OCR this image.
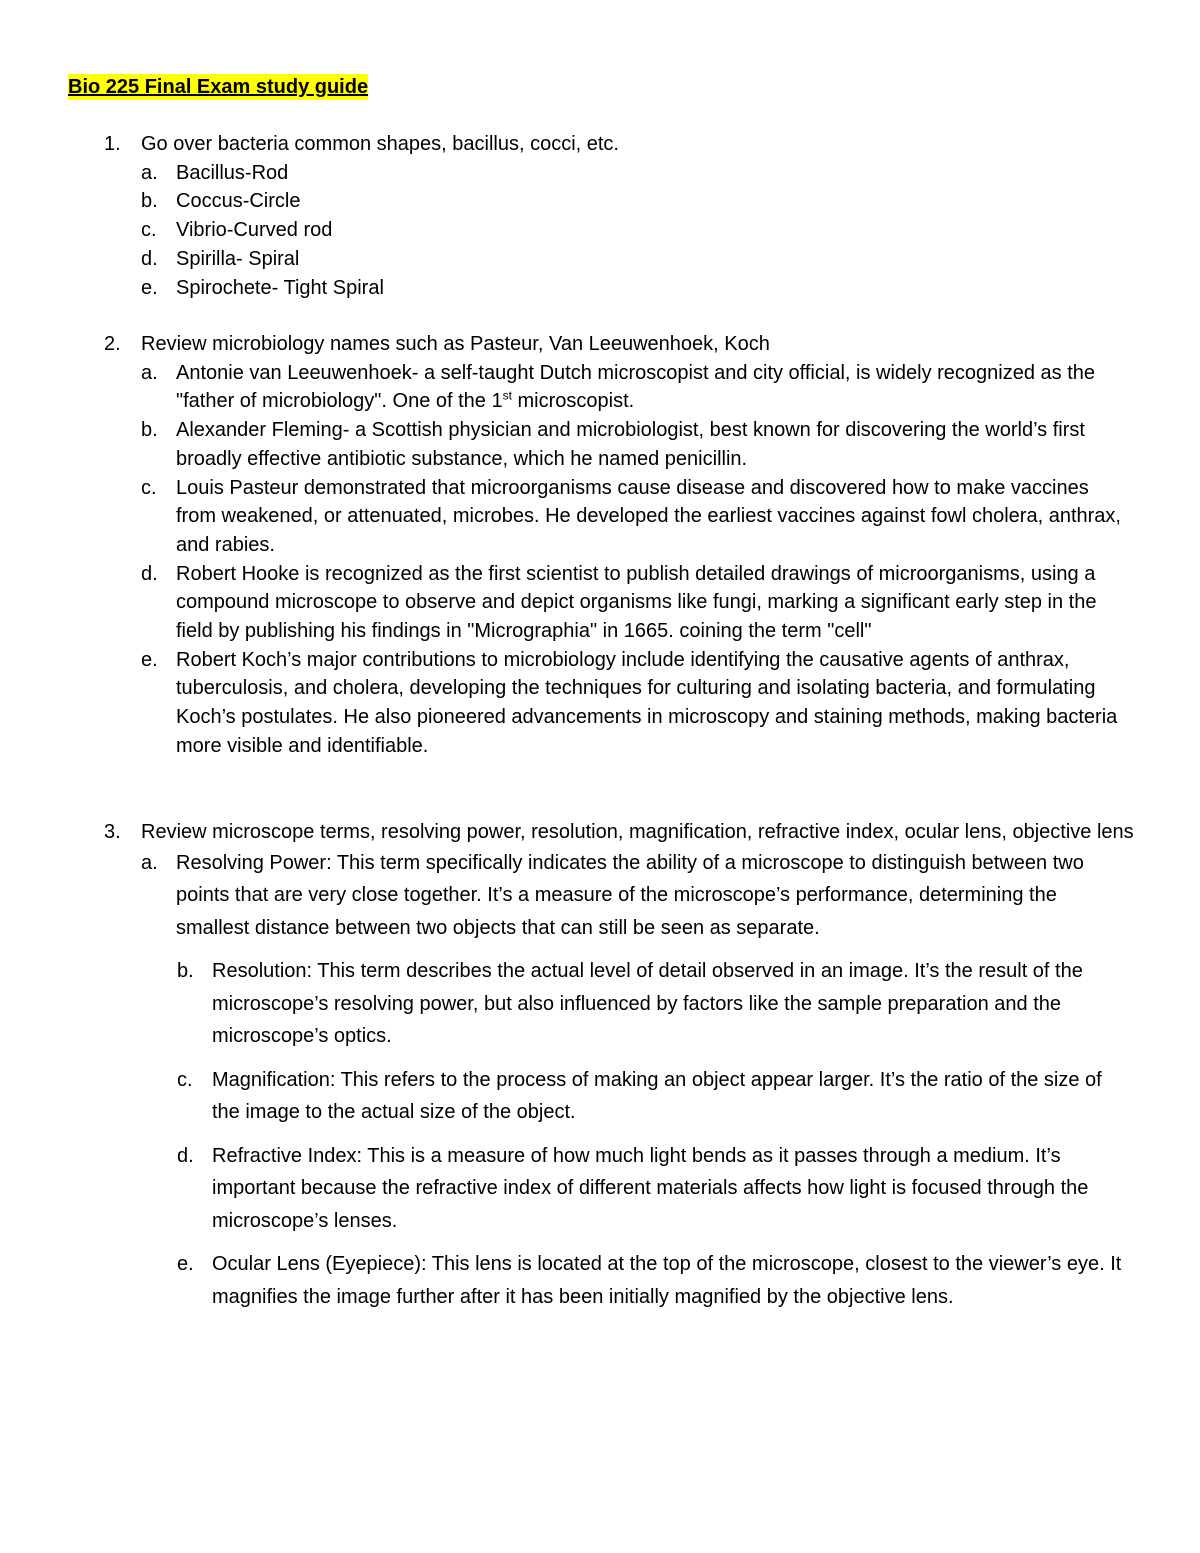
Bio 225 Final Exam study guide
1. Go over bacteria common shapes, bacillus, cocci, etc.
a. Bacillus-Rod
b. Coccus-Circle
c. Vibrio-Curved rod
d. Spirilla- Spiral
e. Spirochete- Tight Spiral
2. Review microbiology names such as Pasteur, Van Leeuwenhoek, Koch
a. Antonie van Leeuwenhoek- a self-taught Dutch microscopist and city official, is widely recognized as the "father of microbiology". One of the 1st microscopist.
b. Alexander Fleming- a Scottish physician and microbiologist, best known for discovering the world’s first broadly effective antibiotic substance, which he named penicillin.
c. Louis Pasteur demonstrated that microorganisms cause disease and discovered how to make vaccines from weakened, or attenuated, microbes. He developed the earliest vaccines against fowl cholera, anthrax, and rabies.
d. Robert Hooke is recognized as the first scientist to publish detailed drawings of microorganisms, using a compound microscope to observe and depict organisms like fungi, marking a significant early step in the field by publishing his findings in "Micrographia" in 1665. coining the term "cell"
e. Robert Koch’s major contributions to microbiology include identifying the causative agents of anthrax, tuberculosis, and cholera, developing the techniques for culturing and isolating bacteria, and formulating Koch’s postulates. He also pioneered advancements in microscopy and staining methods, making bacteria more visible and identifiable.
3. Review microscope terms, resolving power, resolution, magnification, refractive index, ocular lens, objective lens
a. Resolving Power: This term specifically indicates the ability of a microscope to distinguish between two points that are very close together. It’s a measure of the microscope’s performance, determining the smallest distance between two objects that can still be seen as separate.
b. Resolution: This term describes the actual level of detail observed in an image. It’s the result of the microscope’s resolving power, but also influenced by factors like the sample preparation and the microscope’s optics.
c. Magnification: This refers to the process of making an object appear larger. It’s the ratio of the size of the image to the actual size of the object.
d. Refractive Index: This is a measure of how much light bends as it passes through a medium. It’s important because the refractive index of different materials affects how light is focused through the microscope’s lenses.
e. Ocular Lens (Eyepiece): This lens is located at the top of the microscope, closest to the viewer’s eye. It magnifies the image further after it has been initially magnified by the objective lens.
